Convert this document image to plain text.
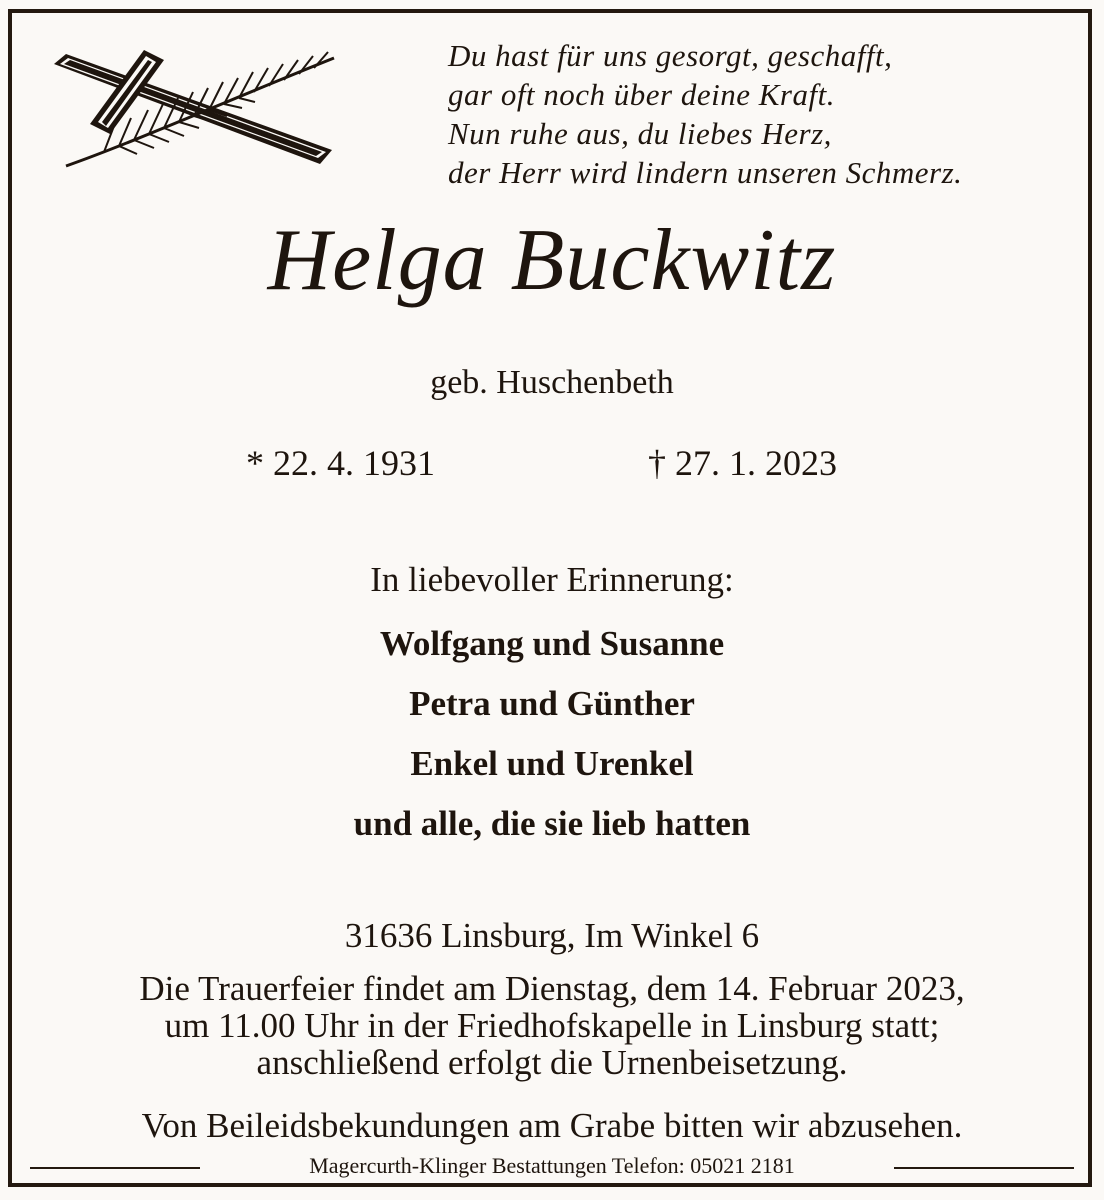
Du hast für uns gesorgt, geschafft,
gar oft noch über deine Kraft.
Nun ruhe aus, du liebes Herz,
der Herr wird lindern unseren Schmerz.
Helga Buckwitz
geb. Huschenbeth
* 22. 4. 1931	† 27. 1. 2023
In liebevoller Erinnerung:
Wolfgang und Susanne
Petra und Günther
Enkel und Urenkel
und alle, die sie lieb hatten
31636 Linsburg, Im Winkel 6
Die Trauerfeier findet am Dienstag, dem 14. Februar 2023,
um 11.00 Uhr in der Friedhofskapelle in Linsburg statt;
anschließend erfolgt die Urnenbeisetzung.
Von Beileidsbekundungen am Grabe bitten wir abzusehen.
Magercurth-Klinger Bestattungen Telefon: 05021 2181
